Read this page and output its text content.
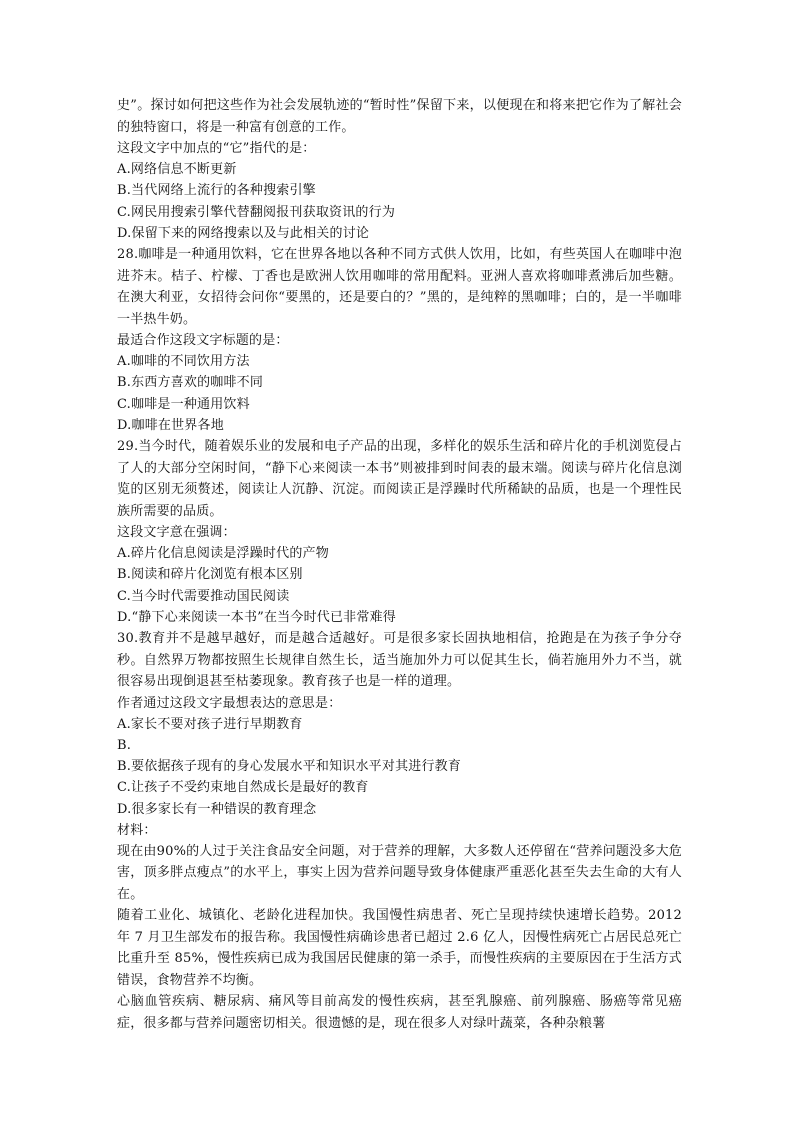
史”。探讨如何把这些作为社会发展轨迹的“暂时性”保留下来，以便现在和将来把它作为了解社会的独特窗口，将是一种富有创意的工作。

这段文字中加点的“它”指代的是：

A.网络信息不断更新

B.当代网络上流行的各种搜索引擎

C.网民用搜索引擎代替翻阅报刊获取资讯的行为

D.保留下来的网络搜索以及与此相关的讨论

28.咖啡是一种通用饮料，它在世界各地以各种不同方式供人饮用，比如，有些英国人在咖啡中泡进芥末。桔子、柠檬、丁香也是欧洲人饮用咖啡的常用配料。亚洲人喜欢将咖啡煮沸后加些糖。在澳大利亚，女招待会问你“要黑的，还是要白的？”黑的，是纯粹的黑咖啡；白的，是一半咖啡一半热牛奶。

最适合作这段文字标题的是：

A.咖啡的不同饮用方法

B.东西方喜欢的咖啡不同

C.咖啡是一种通用饮料

D.咖啡在世界各地

29.当今时代，随着娱乐业的发展和电子产品的出现，多样化的娱乐生活和碎片化的手机浏览侵占了人的大部分空闲时间，“静下心来阅读一本书”则被排到时间表的最末端。阅读与碎片化信息浏览的区别无须赘述，阅读让人沉静、沉淀。而阅读正是浮躁时代所稀缺的品质，也是一个理性民族所需要的品质。

这段文字意在强调：

A.碎片化信息阅读是浮躁时代的产物

B.阅读和碎片化浏览有根本区别

C.当今时代需要推动国民阅读

D.“静下心来阅读一本书”在当今时代已非常难得

30.教育并不是越早越好，而是越合适越好。可是很多家长固执地相信，抢跑是在为孩子争分夺秒。自然界万物都按照生长规律自然生长，适当施加外力可以促其生长，倘若施用外力不当，就很容易出现倒退甚至枯萎现象。教育孩子也是一样的道理。

作者通过这段文字最想表达的意思是：

A.家长不要对孩子进行早期教育

B.

B.要依据孩子现有的身心发展水平和知识水平对其进行教育

C.让孩子不受约束地自然成长是最好的教育

D.很多家长有一种错误的教育理念

材料：

现在由90%的人过于关注食品安全问题，对于营养的理解，大多数人还停留在“营养问题没多大危害，顶多胖点瘦点”的水平上，事实上因为营养问题导致身体健康严重恶化甚至失去生命的大有人在。

随着工业化、城镇化、老龄化进程加快。我国慢性病患者、死亡呈现持续快速增长趋势。2012 年 7 月卫生部发布的报告称。我国慢性病确诊患者已超过 2.6 亿人，因慢性病死亡占居民总死亡比重升至 85%，慢性疾病已成为我国居民健康的第一杀手，而慢性疾病的主要原因在于生活方式错误，食物营养不均衡。

心脑血管疾病、糖尿病、痛风等目前高发的慢性疾病，甚至乳腺癌、前列腺癌、肠癌等常见癌症，很多都与营养问题密切相关。很遗憾的是，现在很多人对绿叶蔬菜，各种杂粮薯
